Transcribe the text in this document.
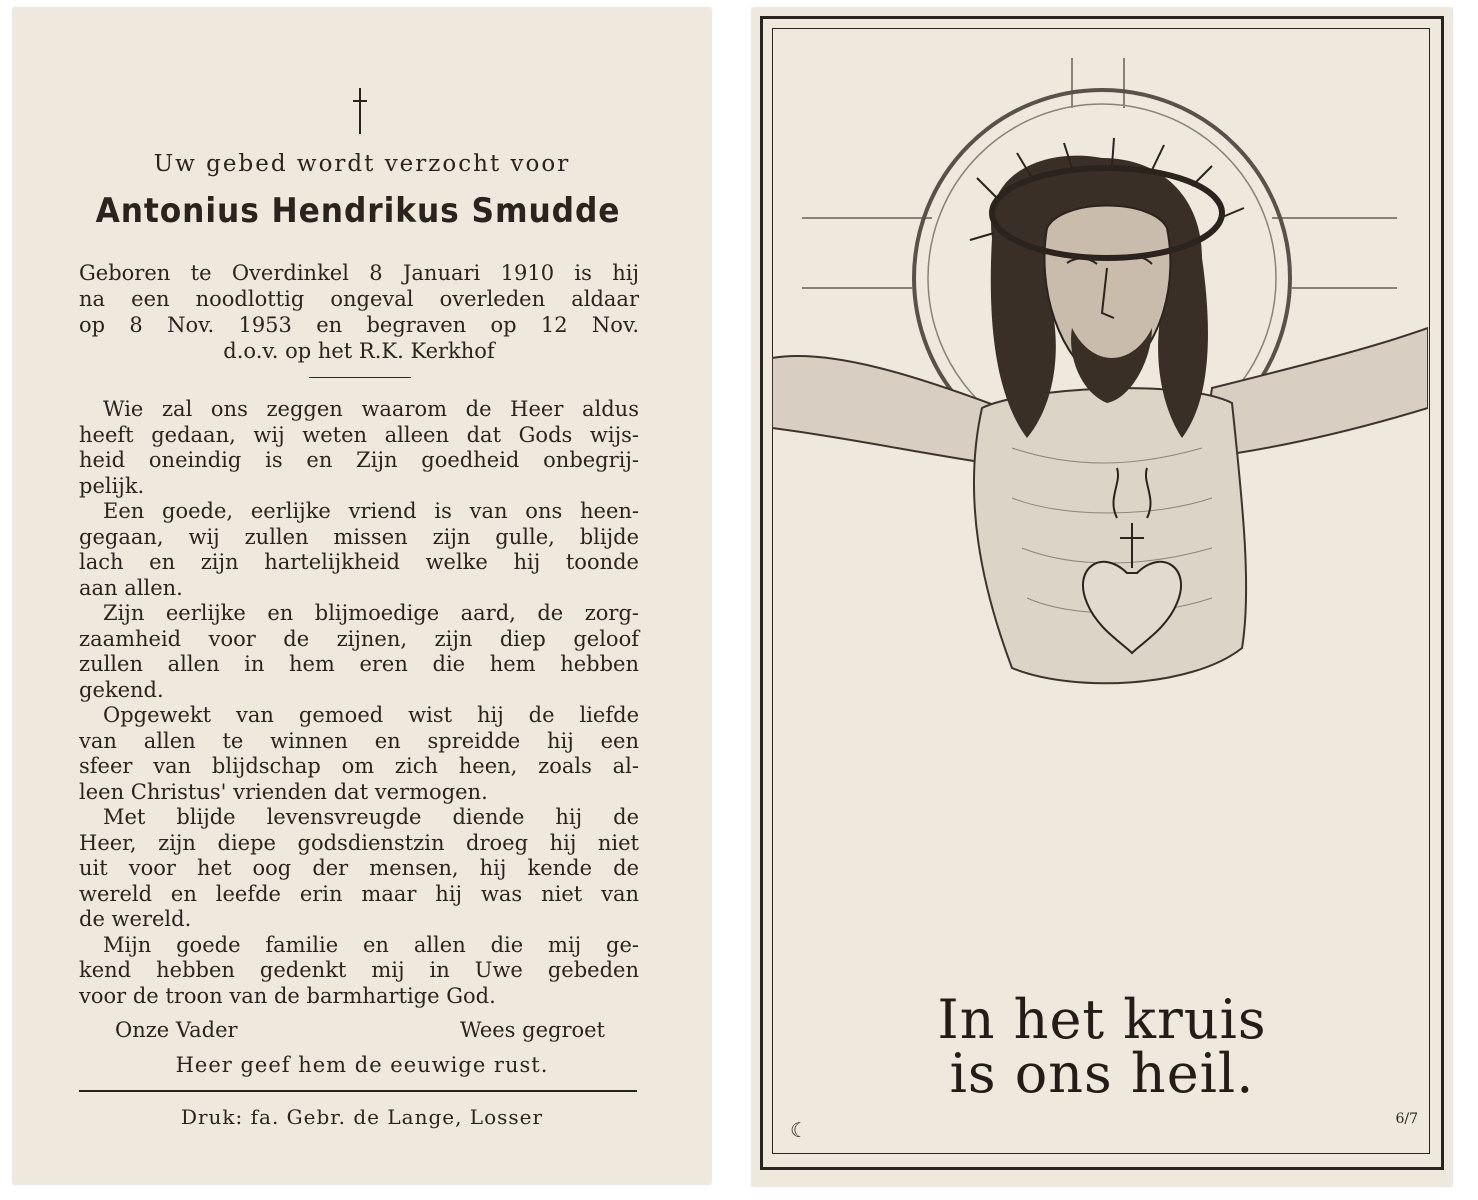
Uw gebed wordt verzocht voor
Antonius Hendrikus Smudde
Geboren te Overdinkel 8 Januari 1910 is hij
na een noodlottig ongeval overleden aldaar
op 8 Nov. 1953 en begraven op 12 Nov.
d.o.v. op het R.K. Kerkhof
Wie zal ons zeggen waarom de Heer aldus
heeft gedaan, wij weten alleen dat Gods wijs-
heid oneindig is en Zijn goedheid onbegrij-
pelijk.
Een goede, eerlijke vriend is van ons heen-
gegaan, wij zullen missen zijn gulle, blijde
lach en zijn hartelijkheid welke hij toonde
aan allen.
Zijn eerlijke en blijmoedige aard, de zorg-
zaamheid voor de zijnen, zijn diep geloof
zullen allen in hem eren die hem hebben
gekend.
Opgewekt van gemoed wist hij de liefde
van allen te winnen en spreidde hij een
sfeer van blijdschap om zich heen, zoals al-
leen Christus' vrienden dat vermogen.
Met blijde levensvreugde diende hij de
Heer, zijn diepe godsdienstzin droeg hij niet
uit voor het oog der mensen, hij kende de
wereld en leefde erin maar hij was niet van
de wereld.
Mijn goede familie en allen die mij ge-
kend hebben gedenkt mij in Uwe gebeden
voor de troon van de barmhartige God.
Onze Vader	Wees gegroet
Heer geef hem de eeuwige rust.
Druk: fa. Gebr. de Lange, Losser
In het kruis
is ons heil.
☾	6/7
